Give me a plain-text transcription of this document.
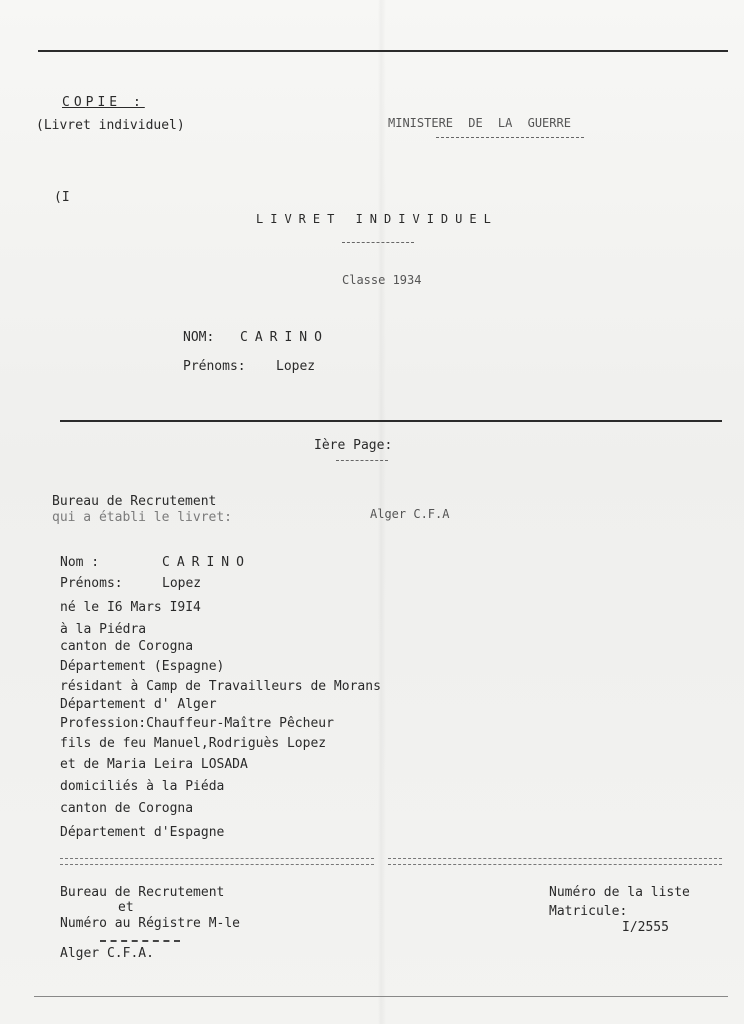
COPIE :
(Livret individuel)	MINISTERE DE LA GUERRE
(I
LIVRET INDIVIDUEL
Classe 1934
NOM: CARINO
Prénoms: Lopez
Ière Page:
Bureau de Recrutement
qui a établi le livret:	Alger C.F.A
Nom :	CARINO
Prénoms:	Lopez
né le I6 Mars I9I4
à la Piédra
canton de Corogna
Département (Espagne)
résidant à Camp de Travailleurs de Morans
Département d' Alger
Profession:Chauffeur-Maître Pêcheur
fils de feu Manuel,Rodriguès Lopez
et de Maria Leira LOSADA
domiciliés à la Piéda
canton de Corogna
Département d'Espagne
Bureau de Recrutement
et
Numéro au Régistre M-le
Alger C.F.A.
Numéro de la liste
Matricule:
I/2555
